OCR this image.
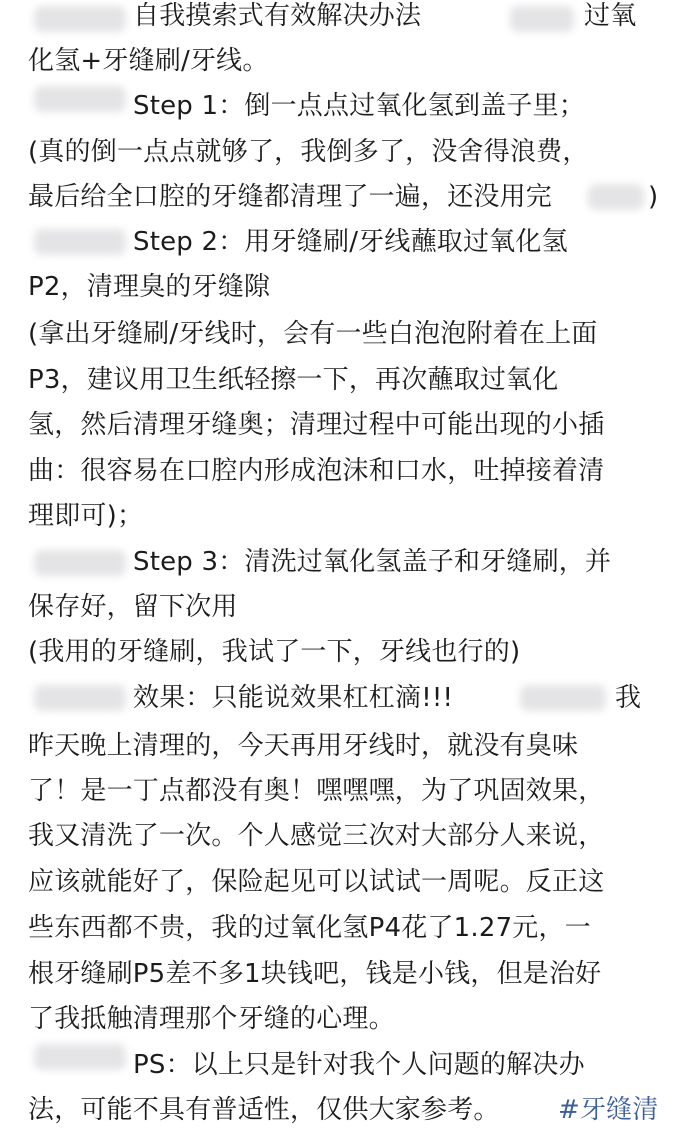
自我摸索式有效解决办法	过氧
化氢+牙缝刷/牙线。
Step 1：倒一点点过氧化氢到盖子里；
(真的倒一点点就够了，我倒多了，没舍得浪费，
最后给全口腔的牙缝都清理了一遍，还没用完	)
Step 2：用牙缝刷/牙线蘸取过氧化氢
P2，清理臭的牙缝隙
(拿出牙缝刷/牙线时，会有一些白泡泡附着在上面
P3，建议用卫生纸轻擦一下，再次蘸取过氧化
氢，然后清理牙缝奥；清理过程中可能出现的小插
曲：很容易在口腔内形成泡沫和口水，吐掉接着清
理即可)；
Step 3：清洗过氧化氢盖子和牙缝刷，并
保存好，留下次用
(我用的牙缝刷，我试了一下，牙线也行的)
效果：只能说效果杠杠滴!!!	我
昨天晚上清理的，今天再用牙线时，就没有臭味
了！是一丁点都没有奥！嘿嘿嘿，为了巩固效果，
我又清洗了一次。个人感觉三次对大部分人来说，
应该就能好了，保险起见可以试试一周呢。反正这
些东西都不贵，我的过氧化氢P4花了1.27元，一
根牙缝刷P5差不多1块钱吧，钱是小钱，但是治好
了我抵触清理那个牙缝的心理。
PS：以上只是针对我个人问题的解决办
法，可能不具有普适性，仅供大家参考。 #牙缝清
